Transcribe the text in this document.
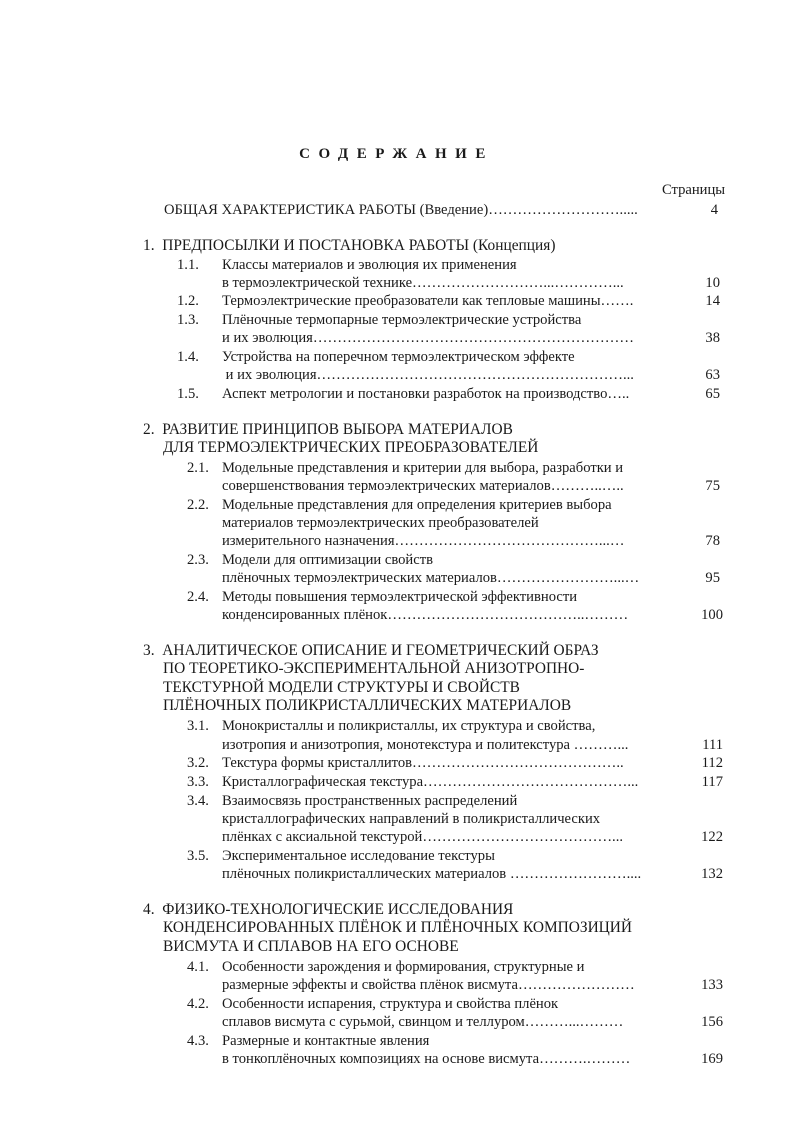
СОДЕРЖАНИЕ
Страницы
ОБЩАЯ ХАРАКТЕРИСТИКА РАБОТЫ (Введение)……………………….....	4
1.  ПРЕДПОСЫЛКИ И ПОСТАНОВКА РАБОТЫ (Концепция)
1.1. Классы материалов и эволюция их применения
в термоэлектрической технике………………………...…………...	10
1.2. Термоэлектрические преобразователи как тепловые машины…….	14
1.3. Плёночные термопарные термоэлектрические устройства
и их эволюция…………………………………………………………	38
1.4. Устройства на поперечном термоэлектрическом эффекте
и их эволюция………………………………………………………...	63
1.5. Аспект метрологии и постановки разработок на производство…..	65
2.  РАЗВИТИЕ ПРИНЦИПОВ ВЫБОРА МАТЕРИАЛОВ
ДЛЯ ТЕРМОЭЛЕКТРИЧЕСКИХ ПРЕОБРАЗОВАТЕЛЕЙ
2.1. Модельные представления и критерии для выбора, разработки и
совершенствования термоэлектрических материалов………..…..	75
2.2. Модельные представления для определения критериев выбора
материалов термоэлектрических преобразователей
измерительного назначения……………………………………...…	78
2.3. Модели для оптимизации свойств
плёночных термоэлектрических материалов……………………...…	95
2.4. Методы повышения термоэлектрической эффективности
конденсированных плёнок…………………………………..………	100
3.  АНАЛИТИЧЕСКОЕ ОПИСАНИЕ И ГЕОМЕТРИЧЕСКИЙ ОБРАЗ
ПО ТЕОРЕТИКО-ЭКСПЕРИМЕНТАЛЬНОЙ АНИЗОТРОПНО-
ТЕКСТУРНОЙ МОДЕЛИ СТРУКТУРЫ И СВОЙСТВ
ПЛЁНОЧНЫХ ПОЛИКРИСТАЛЛИЧЕСКИХ МАТЕРИАЛОВ
3.1. Монокристаллы и поликристаллы, их структура и свойства,
изотропия и анизотропия, монотекстура и политекстура ………...	111
3.2. Текстура формы кристаллитов……………………………………..	112
3.3. Кристаллографическая текстура……………………………………...	117
3.4. Взаимосвязь пространственных распределений
кристаллографических направлений в поликристаллических
плёнках с аксиальной текстурой…………………………………...	122
3.5. Экспериментальное исследование текстуры
плёночных поликристаллических материалов ……………………....	132
4.  ФИЗИКО-ТЕХНОЛОГИЧЕСКИЕ ИССЛЕДОВАНИЯ
КОНДЕНСИРОВАННЫХ ПЛЁНОК И ПЛЁНОЧНЫХ КОМПОЗИЦИЙ
ВИСМУТА И СПЛАВОВ НА ЕГО ОСНОВЕ
4.1. Особенности зарождения и формирования, структурные и
размерные эффекты и свойства плёнок висмута……………………	133
4.2. Особенности испарения, структура и свойства плёнок
сплавов висмута с сурьмой, свинцом и теллуром………...………	156
4.3. Размерные и контактные явления
в тонкоплёночных композициях на основе висмута……….………	169
